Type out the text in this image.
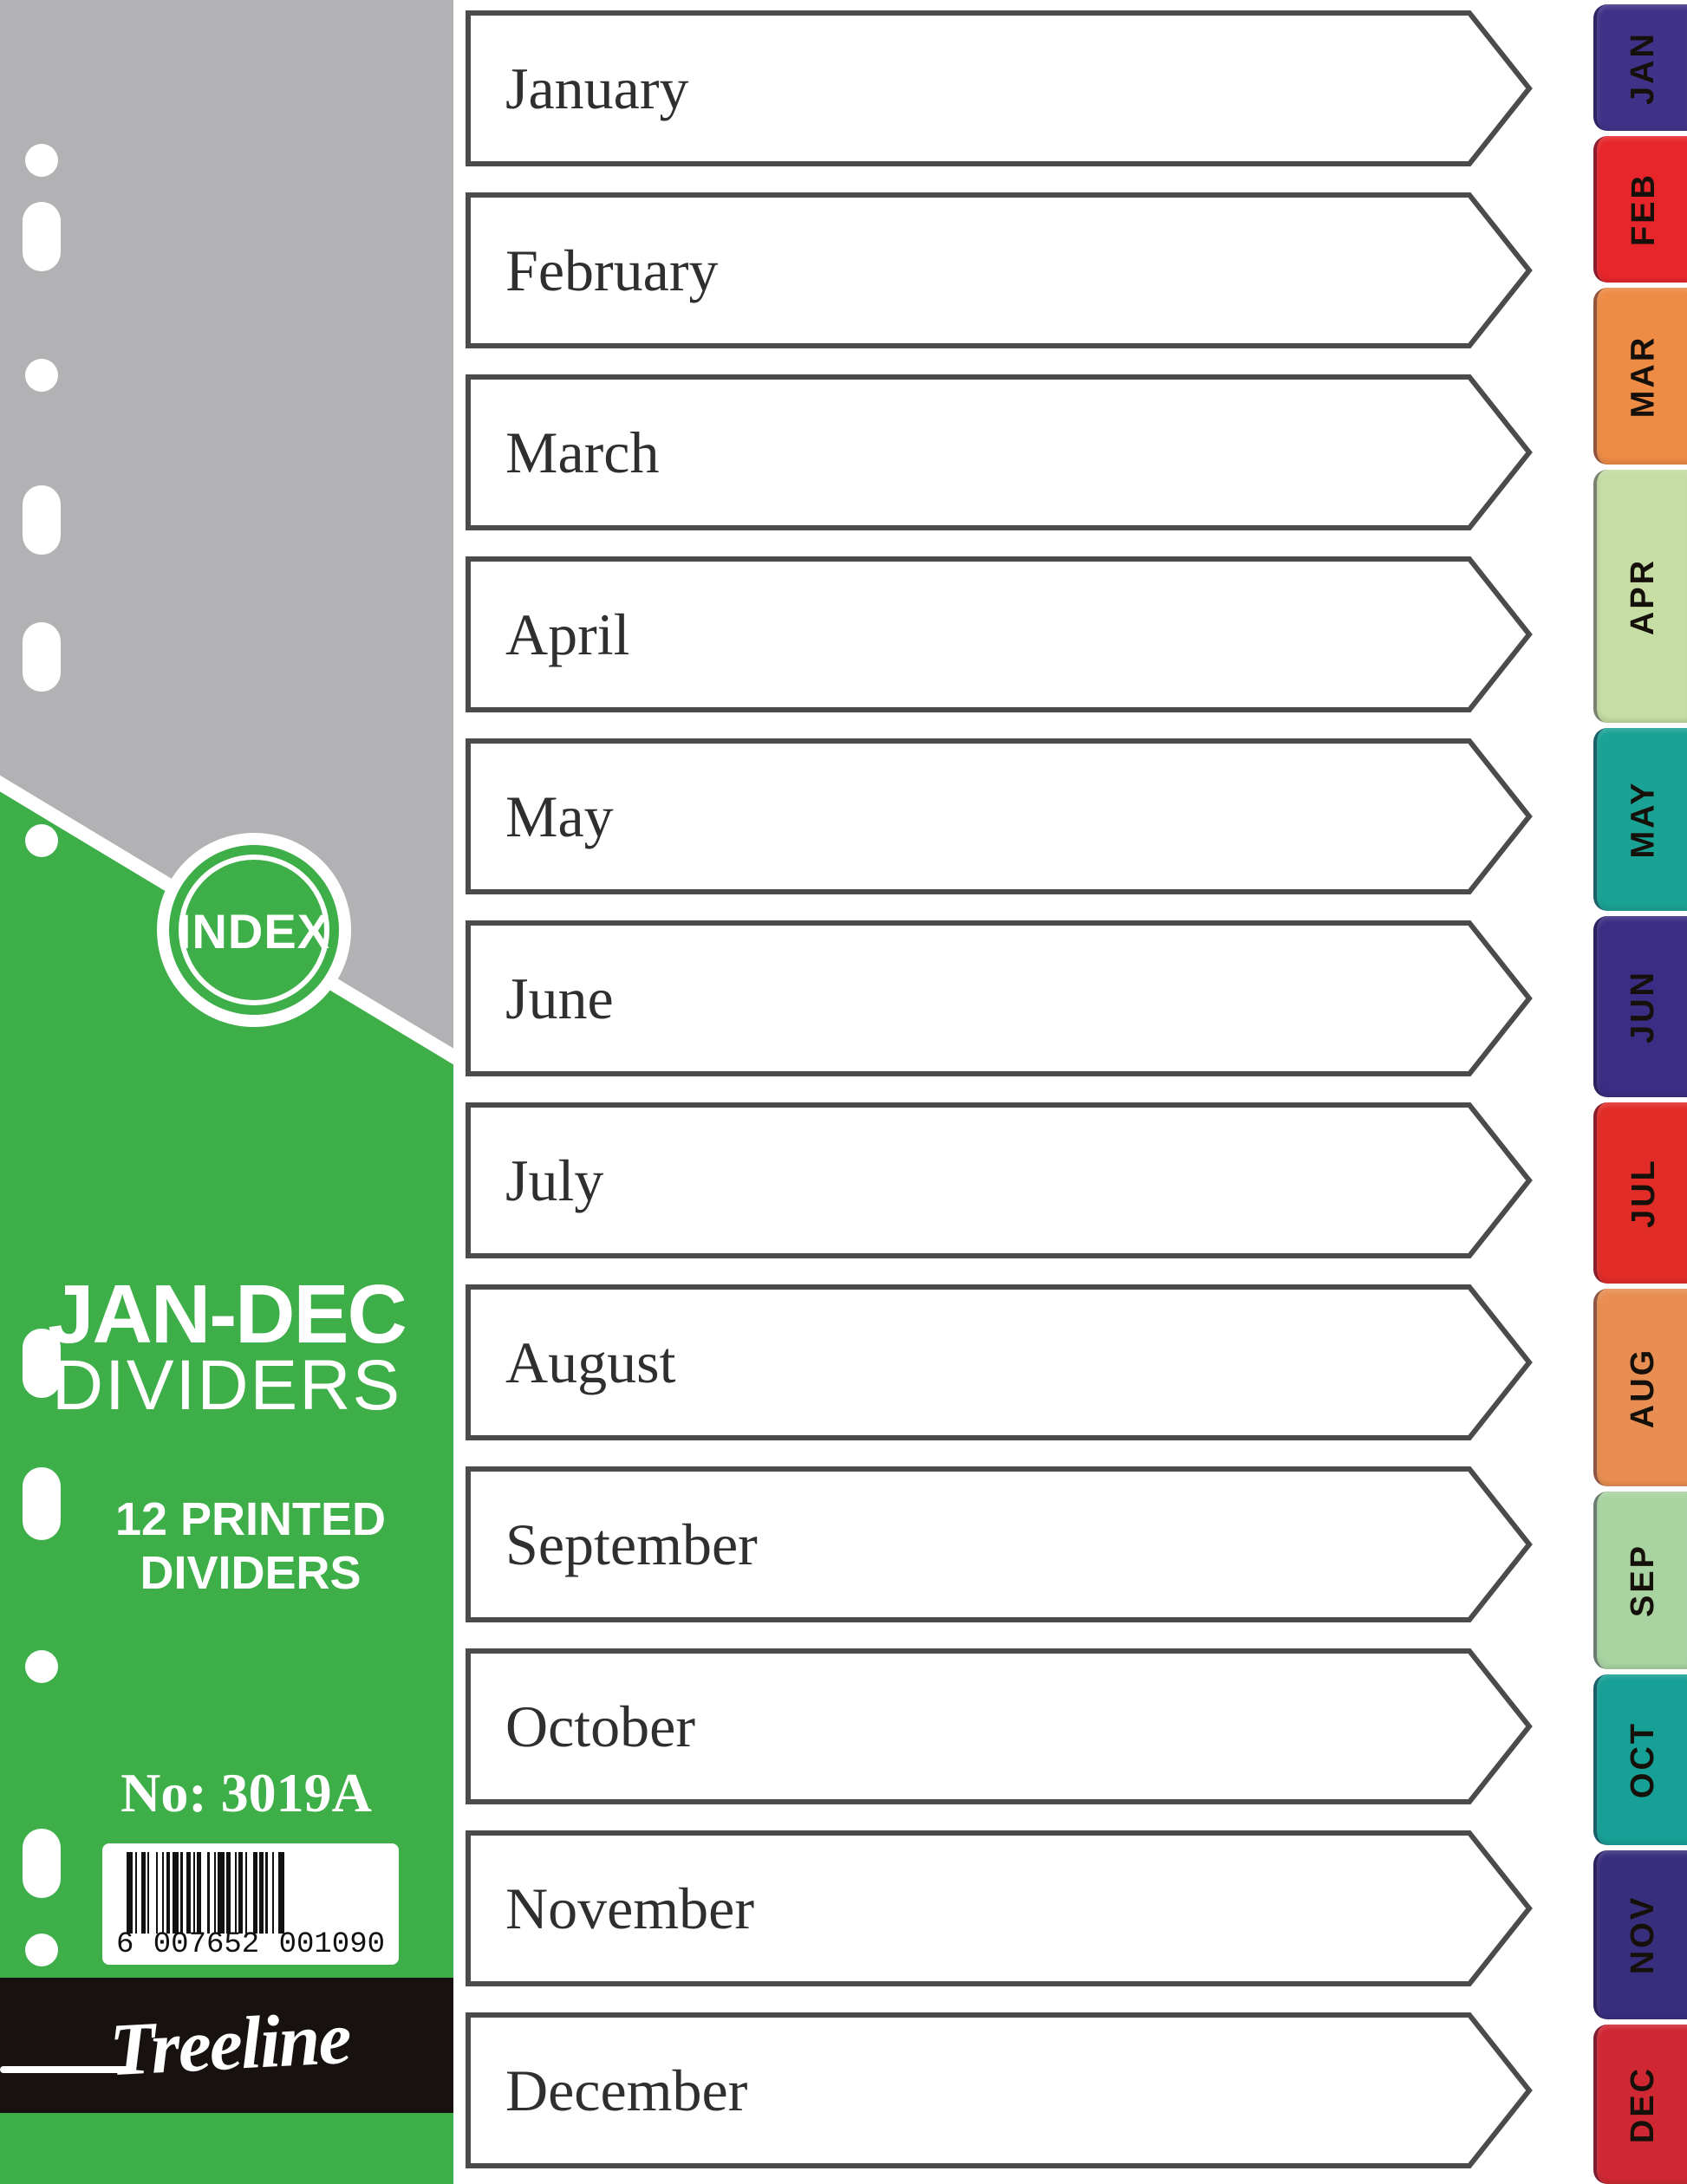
INDEX
JAN-DEC
DIVIDERS
12 PRINTED
DIVIDERS
No: 3019A
6 007652 001090
Treeline
January
February
March
April
May
June
July
August
September
October
November
December
JAN
FEB
MAR
APR
MAY
JUN
JUL
AUG
SEP
OCT
NOV
DEC
